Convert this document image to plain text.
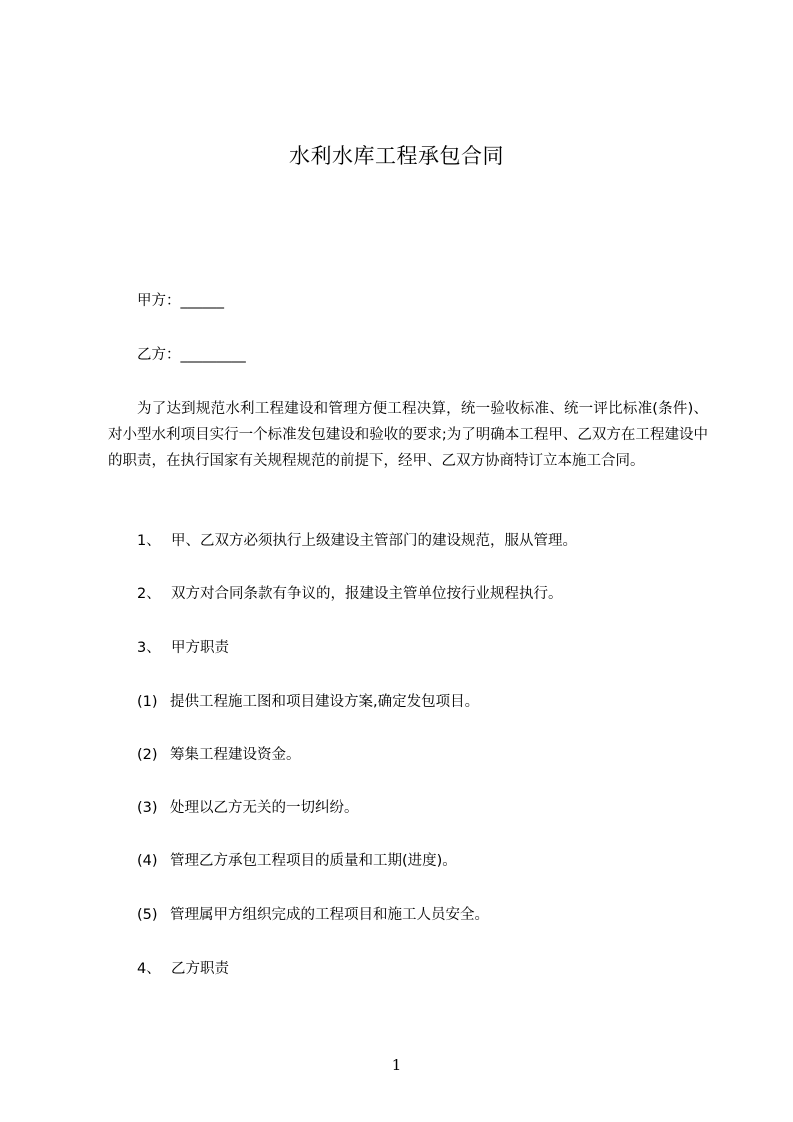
水利水库工程承包合同
甲方：______
乙方：_________
为了达到规范水利工程建设和管理方便工程决算，统一验收标准、统一评比标准(条件)、对小型水利项目实行一个标准发包建设和验收的要求;为了明确本工程甲、乙双方在工程建设中的职责，在执行国家有关规程规范的前提下，经甲、乙双方协商特订立本施工合同。
1、 甲、乙双方必须执行上级建设主管部门的建设规范，服从管理。
2、 双方对合同条款有争议的，报建设主管单位按行业规程执行。
3、 甲方职责
(1) 提供工程施工图和项目建设方案,确定发包项目。
(2) 筹集工程建设资金。
(3) 处理以乙方无关的一切纠纷。
(4) 管理乙方承包工程项目的质量和工期(进度)。
(5) 管理属甲方组织完成的工程项目和施工人员安全。
4、 乙方职责
1
